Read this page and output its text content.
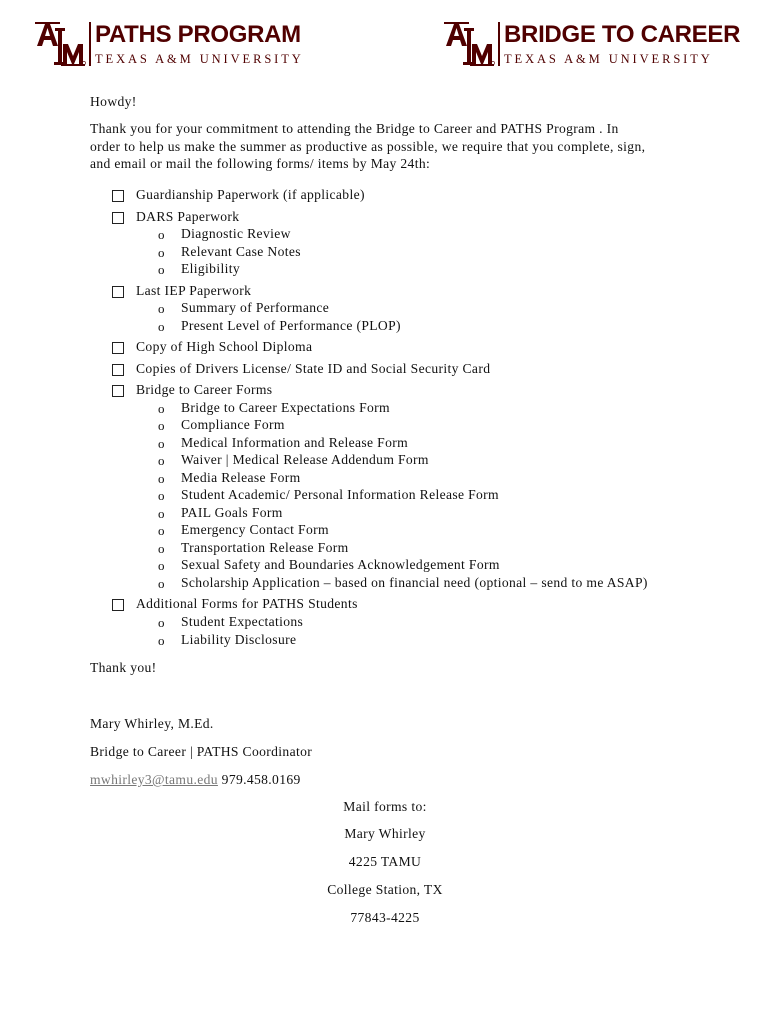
PATHS PROGRAM
TEXAS A&M UNIVERSITY
BRIDGE TO CAREER
TEXAS A&M UNIVERSITY
Howdy!
Thank you for your commitment to attending the Bridge to Career and PATHS Program . In
order to help us make the summer as productive as possible, we require that you complete, sign,
and email or mail the following forms/ items by May 24th:
Guardianship Paperwork (if applicable)
DARS Paperwork
o Diagnostic Review
o Relevant Case Notes
o Eligibility
Last IEP Paperwork
o Summary of Performance
o Present Level of Performance (PLOP)
Copy of High School Diploma
Copies of Drivers License/ State ID and Social Security Card
Bridge to Career Forms
o Bridge to Career Expectations Form
o Compliance Form
o Medical Information and Release Form
o Waiver | Medical Release Addendum Form
o Media Release Form
o Student Academic/ Personal Information Release Form
o PAIL Goals Form
o Emergency Contact Form
o Transportation Release Form
o Sexual Safety and Boundaries Acknowledgement Form
o Scholarship Application – based on financial need (optional – send to me ASAP)
Additional Forms for PATHS Students
o Student Expectations
o Liability Disclosure
Thank you!
Mary Whirley, M.Ed.
Bridge to Career | PATHS Coordinator
mwhirley3@tamu.edu 979.458.0169
Mail forms to:
Mary Whirley
4225 TAMU
College Station, TX
77843-4225
